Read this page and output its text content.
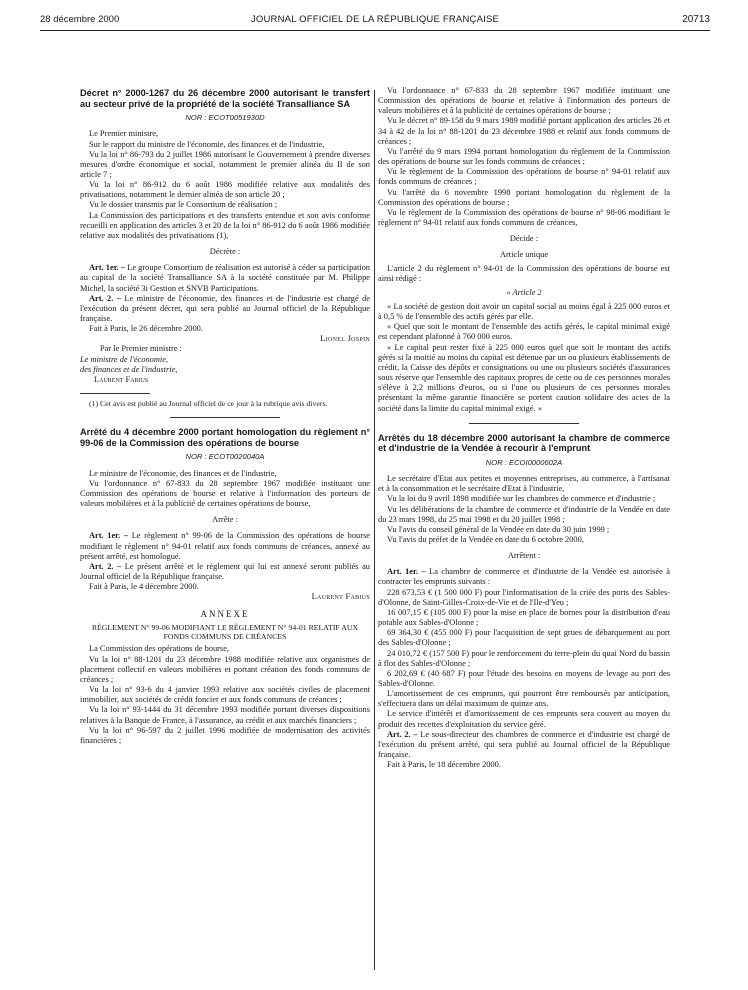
28 décembre 2000	JOURNAL OFFICIEL DE LA RÉPUBLIQUE FRANÇAISE	20713

Décret n° 2000-1267 du 26 décembre 2000 autorisant le transfert au secteur privé de la propriété de la société Transalliance SA

NOR : ECOT0051930D

Le Premier ministre,

Sur le rapport du ministre de l'économie, des finances et de l'industrie,

Vu la loi n° 86-793 du 2 juillet 1986 autorisant le Gouvernement à prendre diverses mesures d'ordre économique et social, notamment le premier alinéa du II de son article 7 ;

Vu la loi n° 86-912 du 6 août 1986 modifiée relative aux modalités des privatisations, notamment le dernier alinéa de son article 20 ;

Vu le dossier transmis par le Consortium de réalisation ;

La Commission des participations et des transferts entendue et son avis conforme recueilli en application des articles 3 et 20 de la loi n° 86-912 du 6 août 1986 modifiée relative aux modalités des privatisations (1),

Décrète :

Art. 1er. – Le groupe Consortium de réalisation est autorisé à céder sa participation au capital de la société Transalliance SA à la société constituée par M. Philippe Michel, la société 3i Gestion et SNVB Participations.

Art. 2. – Le ministre de l'économie, des finances et de l'industrie est chargé de l'exécution du présent décret, qui sera publié au Journal officiel de la République française.

Fait à Paris, le 26 décembre 2000.

Lionel Jospin

Par le Premier ministre :

Le ministre de l'économie,

des finances et de l'industrie,

Laurent Fabius

(1) Cet avis est publié au Journal officiel de ce jour à la rubrique avis divers.

Arrêté du 4 décembre 2000 portant homologation du règlement n° 99-06 de la Commission des opérations de bourse

NOR : ECOT0020040A

Le ministre de l'économie, des finances et de l'industrie,

Vu l'ordonnance n° 67-833 du 28 septembre 1967 modifiée instituant une Commission des opérations de bourse et relative à l'information des porteurs de valeurs mobilières et à la publicité de certaines opérations de bourse,

Arrête :

Art. 1er. – Le règlement n° 99-06 de la Commission des opérations de bourse modifiant le règlement n° 94-01 relatif aux fonds communs de créances, annexé au présent arrêté, est homologué.

Art. 2. – Le présent arrêté et le règlement qui lui est annexé seront publiés au Journal officiel de la République française.

Fait à Paris, le 4 décembre 2000.

Laurent Fabius

ANNEXE

RÈGLEMENT N° 99-06 MODIFIANT LE RÈGLEMENT N° 94-01 RELATIF AUX FONDS COMMUNS DE CRÉANCES

La Commission des opérations de bourse,

Vu la loi n° 88-1201 du 23 décembre 1988 modifiée relative aux organismes de placement collectif en valeurs mobilières et portant création des fonds communs de créances ;

Vu la loi n° 93-6 du 4 janvier 1993 relative aux sociétés civiles de placement immobilier, aux sociétés de crédit foncier et aux fonds communs de créances ;

Vu la loi n° 93-1444 du 31 décembre 1993 modifiée portant diverses dispositions relatives à la Banque de France, à l'assurance, au crédit et aux marchés financiers ;

Vu la loi n° 96-597 du 2 juillet 1996 modifiée de modernisation des activités financières ;

Vu l'ordonnance n° 67-833 du 28 septembre 1967 modifiée instituant une Commission des opérations de bourse et relative à l'information des porteurs de valeurs mobilières et à la publicité de certaines opérations de bourse ;

Vu le décret n° 89-158 du 9 mars 1989 modifié portant application des articles 26 et 34 à 42 de la loi n° 88-1201 du 23 décembre 1988 et relatif aux fonds communs de créances ;

Vu l'arrêté du 9 mars 1994 portant homologation du règlement de la Commission des opérations de bourse sur les fonds communs de créances ;

Vu le règlement de la Commission des opérations de bourse n° 94-01 relatif aux fonds communs de créances ;

Vu l'arrêté du 6 novembre 1998 portant homologation du règlement de la Commission des opérations de bourse ;

Vu le règlement de la Commission des opérations de bourse n° 98-06 modifiant le règlement n° 94-01 relatif aux fonds communs de créances,

Décide :

Article unique

L'article 2 du règlement n° 94-01 de la Commission des opérations de bourse est ainsi rédigé :

« Article 2

« La société de gestion doit avoir un capital social au moins égal à 225 000 euros et à 0,5 % de l'ensemble des actifs gérés par elle.

« Quel que soit le montant de l'ensemble des actifs gérés, le capital minimal exigé est cependant plafonné à 760 000 euros.

« Le capital peut rester fixé à 225 000 euros quel que soit le montant des actifs gérés si la moitié au moins du capital est détenue par un ou plusieurs établissements de crédit, la Caisse des dépôts et consignations ou une ou plusieurs sociétés d'assurances sous réserve que l'ensemble des capitaux propres de cette ou de ces personnes morales s'élève à 2,2 millions d'euros, ou si l'une ou plusieurs de ces personnes morales présentant la même garantie financière se portent caution solidaire des actes de la société dans la limite du capital minimal exigé. »

Arrêtés du 18 décembre 2000 autorisant la chambre de commerce et d'industrie de la Vendée à recourir à l'emprunt

NOR : ECOI0000602A

Le secrétaire d'Etat aux petites et moyennes entreprises, au commerce, à l'artisanat et à la consommation et le secrétaire d'Etat à l'industrie,

Vu la loi du 9 avril 1898 modifiée sur les chambres de commerce et d'industrie ;

Vu les délibérations de la chambre de commerce et d'industrie de la Vendée en date du 23 mars 1998, du 25 mai 1998 et du 20 juillet 1998 ;

Vu l'avis du conseil général de la Vendée en date du 30 juin 1999 ;

Vu l'avis du préfet de la Vendée en date du 6 octobre 2000,

Arrêtent :

Art. 1er. – La chambre de commerce et d'industrie de la Vendée est autorisée à contracter les emprunts suivants :

228 673,53 € (1 500 000 F) pour l'informatisation de la criée des ports des Sables-d'Olonne, de Saint-Gilles-Croix-de-Vie et de l'Ile-d'Yeu ;

16 007,15 € (105 000 F) pour la mise en place de bornes pour la distribution d'eau potable aux Sables-d'Olonne ;

69 364,30 € (455 000 F) pour l'acquisition de sept grues de débarquement au port des Sables-d'Olonne ;

24 010,72 € (157 500 F) pour le renforcement du terre-plein du quai Nord du bassin à flot des Sables-d'Olonne ;

6 202,69 € (40 687 F) pour l'étude des besoins en moyens de levage au port des Sables-d'Olonne.

L'amortissement de ces emprunts, qui pourront être remboursés par anticipation, s'effectuera dans un délai maximum de quinze ans.

Le service d'intérêt et d'amortissement de ces emprunts sera couvert au moyen du produit des recettes d'exploitation du service géré.

Art. 2. – Le sous-directeur des chambres de commerce et d'industrie est chargé de l'exécution du présent arrêté, qui sera publié au Journal officiel de la République française.

Fait à Paris, le 18 décembre 2000.
